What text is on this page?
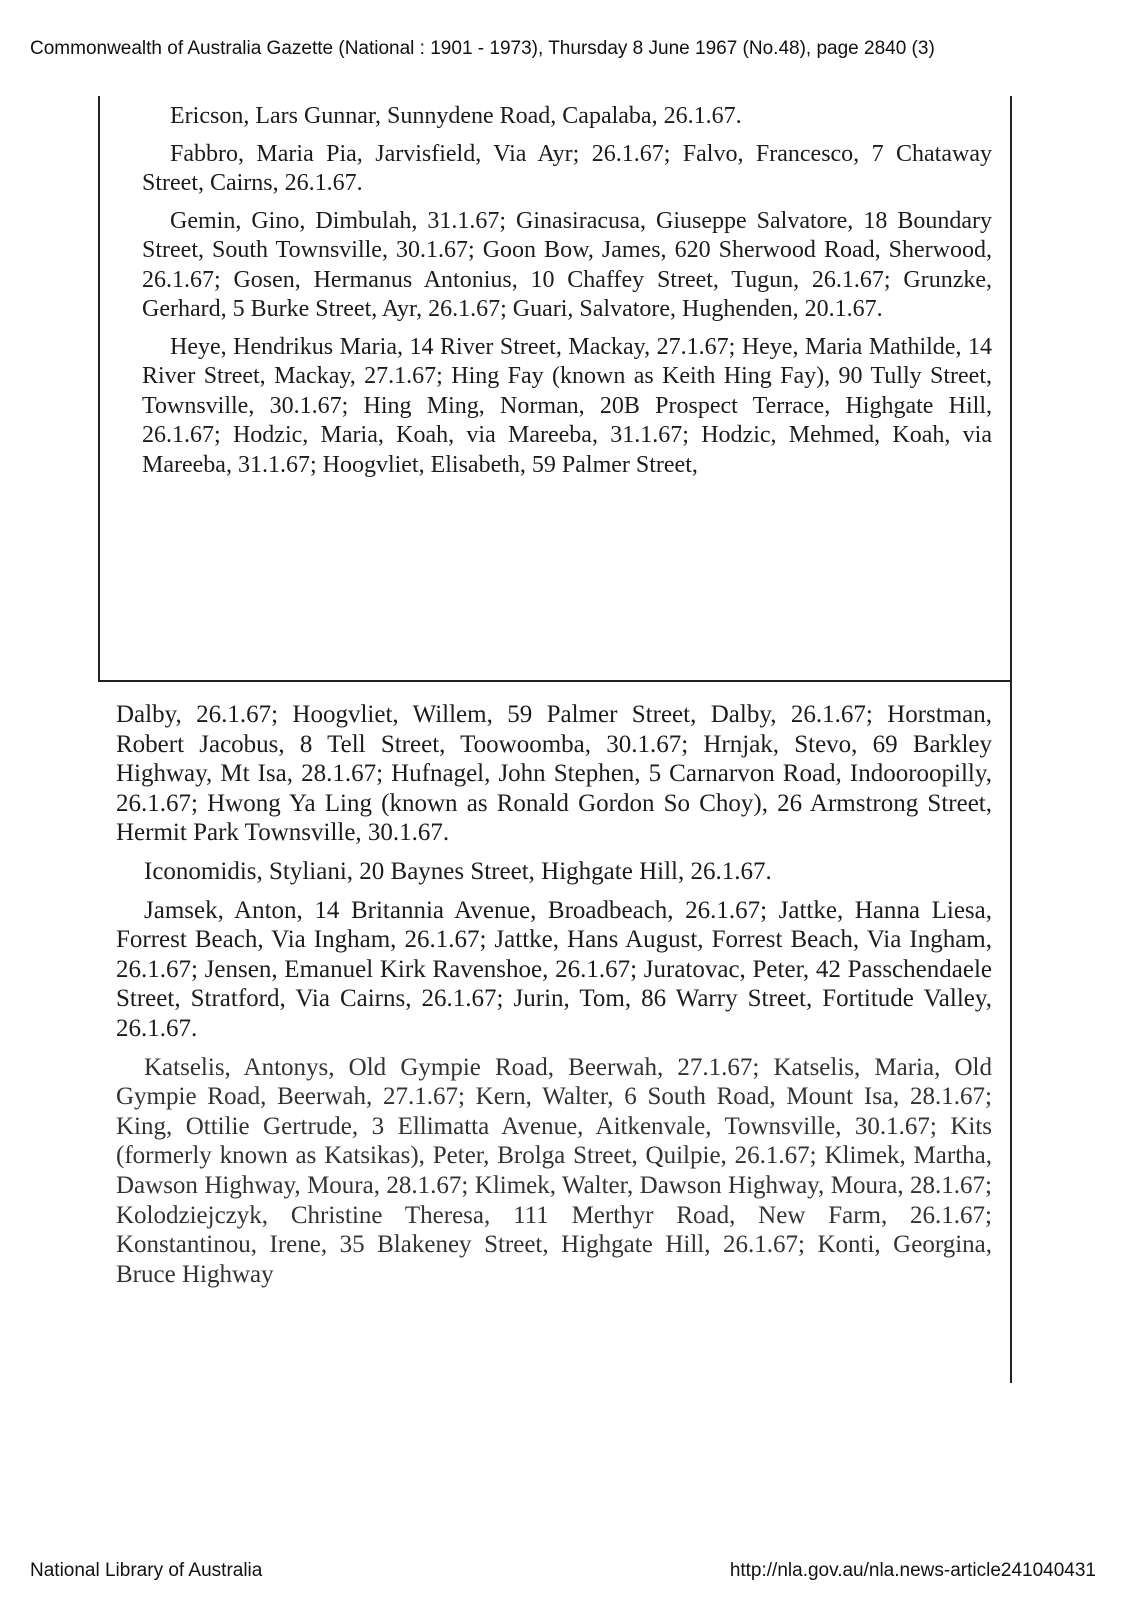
Commonwealth of Australia Gazette (National : 1901 - 1973), Thursday 8 June 1967 (No.48), page 2840 (3)

Ericson, Lars Gunnar, Sunnydene Road, Capalaba, 26.1.67.

Fabbro, Maria Pia, Jarvisfield, Via Ayr; 26.1.67; Falvo, Francesco, 7 Chataway Street, Cairns, 26.1.67.

Gemin, Gino, Dimbulah, 31.1.67; Ginasiracusa, Giuseppe Salvatore, 18 Boundary Street, South Townsville, 30.1.67; Goon Bow, James, 620 Sherwood Road, Sherwood, 26.1.67; Gosen, Hermanus Antonius, 10 Chaffey Street, Tugun, 26.1.67; Grunzke, Gerhard, 5 Burke Street, Ayr, 26.1.67; Guari, Salvatore, Hughenden, 20.1.67.

Heye, Hendrikus Maria, 14 River Street, Mackay, 27.1.67; Heye, Maria Mathilde, 14 River Street, Mackay, 27.1.67; Hing Fay (known as Keith Hing Fay), 90 Tully Street, Townsville, 30.1.67; Hing Ming, Norman, 20B Prospect Terrace, Highgate Hill, 26.1.67; Hodzic, Maria, Koah, via Mareeba, 31.1.67; Hodzic, Mehmed, Koah, via Mareeba, 31.1.67; Hoogvliet, Elisabeth, 59 Palmer Street,

Dalby, 26.1.67; Hoogvliet, Willem, 59 Palmer Street, Dalby, 26.1.67; Horstman, Robert Jacobus, 8 Tell Street, Toowoomba, 30.1.67; Hrnjak, Stevo, 69 Barkley Highway, Mt Isa, 28.1.67; Hufnagel, John Stephen, 5 Carnarvon Road, Indooroopilly, 26.1.67; Hwong Ya Ling (known as Ronald Gordon So Choy), 26 Armstrong Street, Hermit Park Townsville, 30.1.67.

Iconomidis, Styliani, 20 Baynes Street, Highgate Hill, 26.1.67.

Jamsek, Anton, 14 Britannia Avenue, Broadbeach, 26.1.67; Jattke, Hanna Liesa, Forrest Beach, Via Ingham, 26.1.67; Jattke, Hans August, Forrest Beach, Via Ingham, 26.1.67; Jensen, Emanuel Kirk Ravenshoe, 26.1.67; Juratovac, Peter, 42 Passchendaele Street, Stratford, Via Cairns, 26.1.67; Jurin, Tom, 86 Warry Street, Fortitude Valley, 26.1.67.

Katselis, Antonys, Old Gympie Road, Beerwah, 27.1.67; Katselis, Maria, Old Gympie Road, Beerwah, 27.1.67; Kern, Walter, 6 South Road, Mount Isa, 28.1.67; King, Ottilie Gertrude, 3 Ellimatta Avenue, Aitkenvale, Townsville, 30.1.67; Kits (formerly known as Katsikas), Peter, Brolga Street, Quilpie, 26.1.67; Klimek, Martha, Dawson Highway, Moura, 28.1.67; Klimek, Walter, Dawson Highway, Moura, 28.1.67; Kolodziejczyk, Christine Theresa, 111 Merthyr Road, New Farm, 26.1.67; Konstantinou, Irene, 35 Blakeney Street, Highgate Hill, 26.1.67; Konti, Georgina, Bruce Highway

National Library of Australia	http://nla.gov.au/nla.news-article241040431
